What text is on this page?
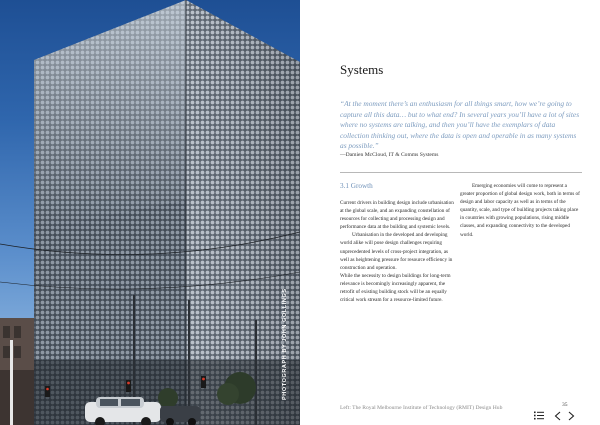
PHOTOGRAPH BY JOHN GOLLINGS
Systems

“At the moment there’s an enthusiasm for all things smart, how we’re going to capture all this data… but to what end? In several years you’ll have a lot of sites where no systems are talking, and then you’ll have the exemplars of data collection thinking out, where the data is open and operable in as many systems as possible.”

—Damien McCloud, IT & Comms Systems
3.1 Growth

Current drivers in building design include urbanisation at the global scale, and an expanding constellation of resources for collecting and processing design and performance data at the building and systemic levels.

Urbanisation in the developed and developing world alike will pose design challenges requiring unprecedented levels of cross-project integration, as well as heightening pressure for resource efficiency in construction and operation.

While the necessity to design buildings for long-term relevance is becomingly increasingly apparent, the retrofit of existing building stock will be an equally critical work stream for a resource-limited future.

Emerging economies will come to represent a greater proportion of global design work, both in terms of design and labor capacity as well as in terms of the quantity, scale, and type of building projects taking place in countries with growing populations, rising middle classes, and expanding connectivity to the developed world.

Left: The Royal Melbourne Institute of Technology (RMIT) Design Hub	35
